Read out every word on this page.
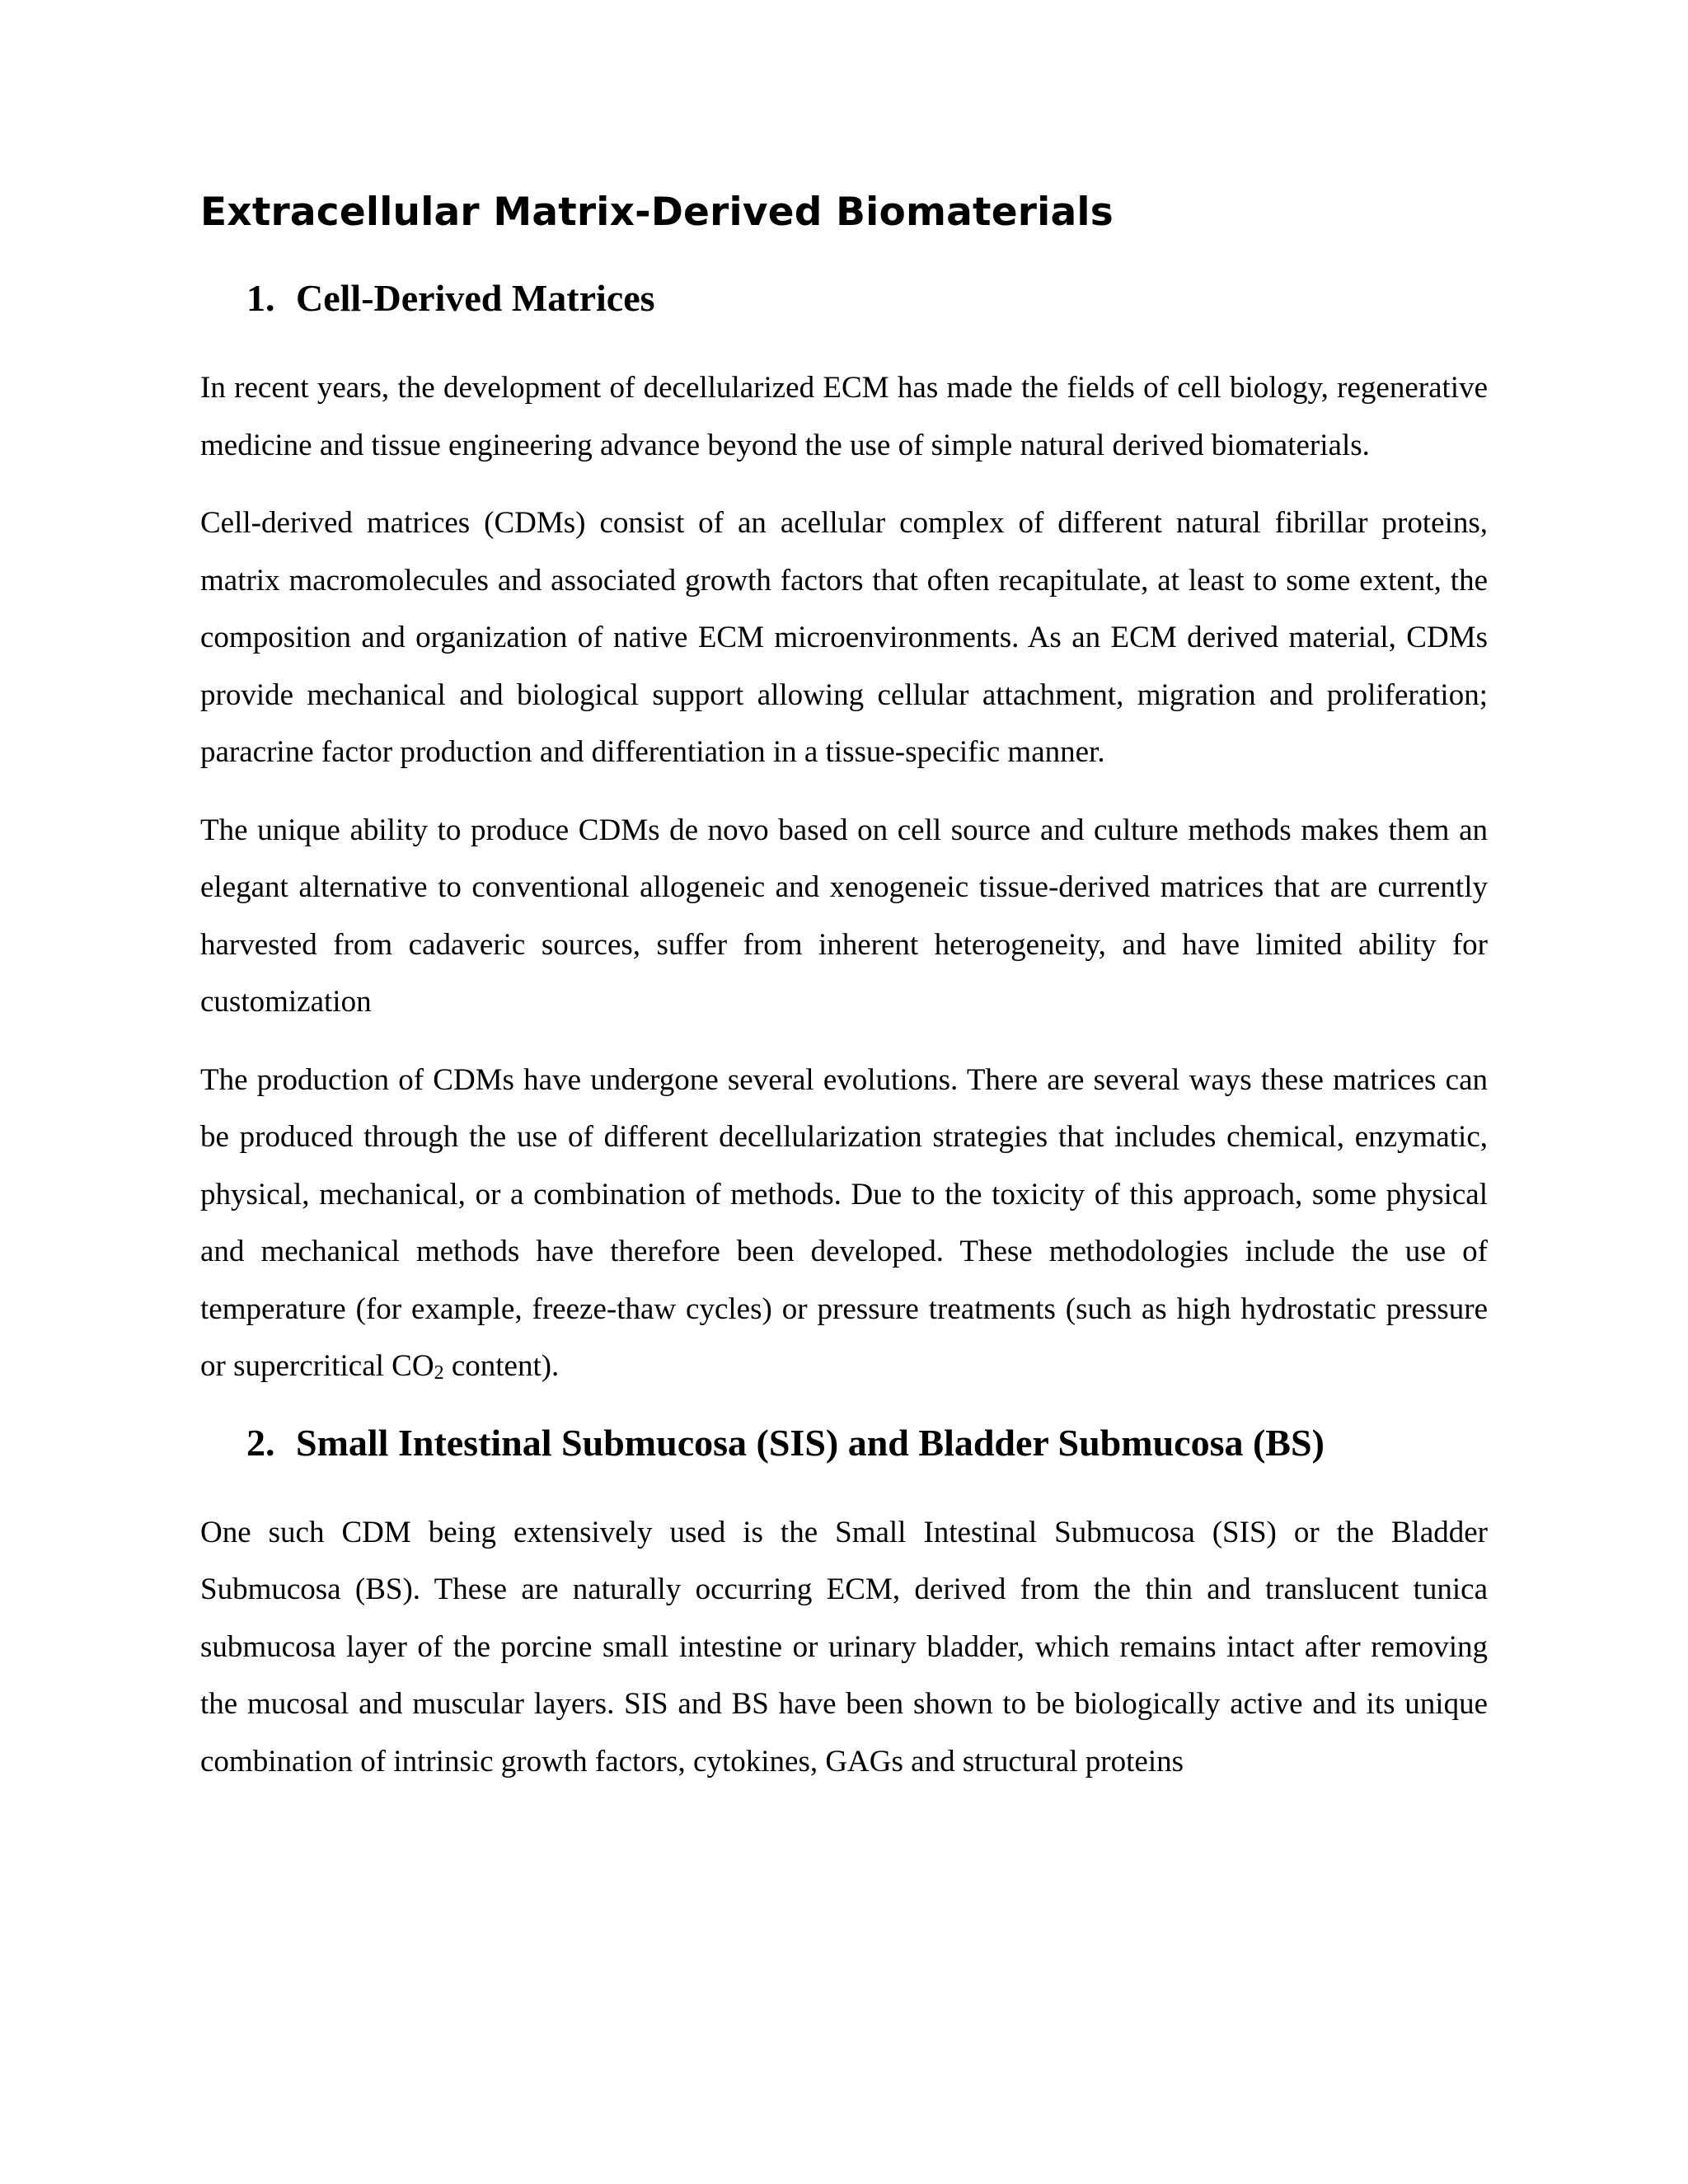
Extracellular Matrix-Derived Biomaterials
1. Cell-Derived Matrices

In recent years, the development of decellularized ECM has made the fields of cell biology, regenerative medicine and tissue engineering advance beyond the use of simple natural derived biomaterials.

Cell-derived matrices (CDMs) consist of an acellular complex of different natural fibrillar proteins, matrix macromolecules and associated growth factors that often recapitulate, at least to some extent, the composition and organization of native ECM microenvironments. As an ECM derived material, CDMs provide mechanical and biological support allowing cellular attachment, migration and proliferation; paracrine factor production and differentiation in a tissue-specific manner.

The unique ability to produce CDMs de novo based on cell source and culture methods makes them an elegant alternative to conventional allogeneic and xenogeneic tissue-derived matrices that are currently harvested from cadaveric sources, suffer from inherent heterogeneity, and have limited ability for customization

The production of CDMs have undergone several evolutions. There are several ways these matrices can be produced through the use of different decellularization strategies that includes chemical, enzymatic, physical, mechanical, or a combination of methods. Due to the toxicity of this approach, some physical and mechanical methods have therefore been developed. These methodologies include the use of temperature (for example, freeze-thaw cycles) or pressure treatments (such as high hydrostatic pressure or supercritical $CO_2$ content).

2. Small Intestinal Submucosa (SIS) and Bladder Submucosa (BS)

One such CDM being extensively used is the Small Intestinal Submucosa (SIS) or the Bladder Submucosa (BS). These are naturally occurring ECM, derived from the thin and translucent tunica submucosa layer of the porcine small intestine or urinary bladder, which remains intact after removing the mucosal and muscular layers. SIS and BS have been shown to be biologically active and its unique combination of intrinsic growth factors, cytokines, GAGs and structural proteins
